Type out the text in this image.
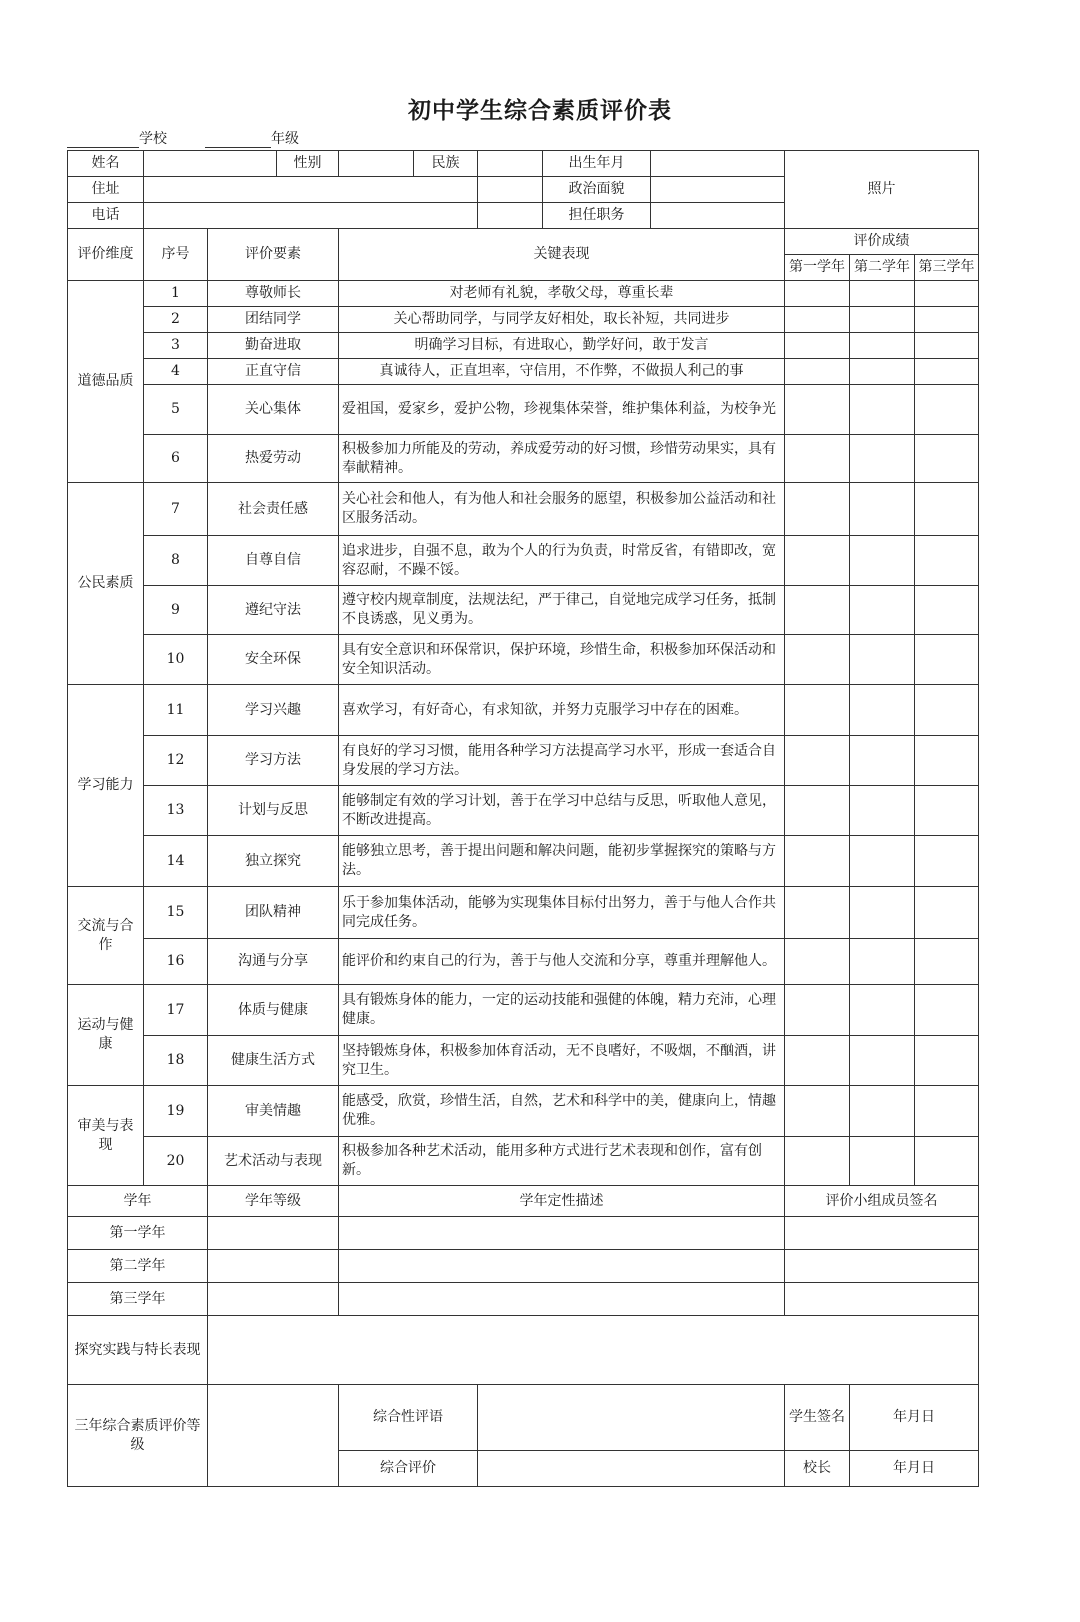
初中学生综合素质评价表
学校	年级
姓名			性别		民族		出生年月		照片		
住址							政治面貌				
电话							担任职务				
评价维度	序号	评价要素		关键表现					评价成绩		
									第一学年	第二学年	第三学年
道德品质	1	尊敬师长		对老师有礼貌，孝敬父母，尊重长辈							
	2	团结同学		关心帮助同学，与同学友好相处，取长补短，共同进步							
	3	勤奋进取		明确学习目标，有进取心，勤学好问，敢于发言							
	4	正直守信		真诚待人，正直坦率，守信用，不作弊，不做损人利己的事							
	5	关心集体		爱祖国，爱家乡，爱护公物，珍视集体荣誉，维护集体利益，为校争光							
	6	热爱劳动		积极参加力所能及的劳动，养成爱劳动的好习惯，珍惜劳动果实，具有奉献精神。							
公民素质	7	社会责任感		关心社会和他人，有为他人和社会服务的愿望，积极参加公益活动和社区服务活动。							
	8	自尊自信		追求进步，自强不息，敢为个人的行为负责，时常反省，有错即改，宽容忍耐，不躁不馁。							
	9	遵纪守法		遵守校内规章制度，法规法纪，严于律己，自觉地完成学习任务，抵制不良诱惑，见义勇为。							
	10	安全环保		具有安全意识和环保常识，保护环境，珍惜生命，积极参加环保活动和安全知识活动。							
学习能力	11	学习兴趣		喜欢学习，有好奇心，有求知欲，并努力克服学习中存在的困难。							
	12	学习方法		有良好的学习习惯，能用各种学习方法提高学习水平，形成一套适合自身发展的学习方法。							
	13	计划与反思		能够制定有效的学习计划，善于在学习中总结与反思，听取他人意见，不断改进提高。							
	14	独立探究		能够独立思考，善于提出问题和解决问题，能初步掌握探究的策略与方法。							
交流与合作	15	团队精神		乐于参加集体活动，能够为实现集体目标付出努力，善于与他人合作共同完成任务。							
	16	沟通与分享		能评价和约束自己的行为，善于与他人交流和分享，尊重并理解他人。							
运动与健康	17	体质与健康		具有锻炼身体的能力，一定的运动技能和强健的体魄，精力充沛，心理健康。							
	18	健康生活方式		坚持锻炼身体，积极参加体育活动，无不良嗜好，不吸烟，不酗酒，讲究卫生。							
审美与表现	19	审美情趣		能感受，欣赏，珍惜生活，自然，艺术和科学中的美，健康向上，情趣优雅。							
	20	艺术活动与表现		积极参加各种艺术活动，能用多种方式进行艺术表现和创作，富有创新。							
学年		学年等级		学年定性描述					评价小组成员签名		
第一学年											
第二学年											
第三学年											
探究实践与特长表现											
三年综合素质评价等级				综合性评语					学生签名	年月日	
				综合评价					校长	年月日	
